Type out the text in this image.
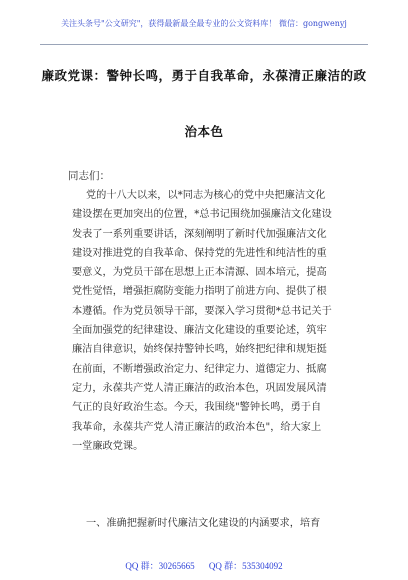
关注头条号"公文研究"，获得最新最全最专业的公文资料库！ 微信：gongwenyj
廉政党课：警钟长鸣，勇于自我革命，永葆清正廉洁的政
治本色
同志们：
党的十八大以来，以*同志为核心的党中央把廉洁文化
建设摆在更加突出的位置，*总书记围绕加强廉洁文化建设
发表了一系列重要讲话，深刻阐明了新时代加强廉洁文化
建设对推进党的自我革命、保持党的先进性和纯洁性的重
要意义，为党员干部在思想上正本清源、固本培元，提高
党性觉悟，增强拒腐防变能力指明了前进方向、提供了根
本遵循。作为党员领导干部，要深入学习贯彻*总书记关于
全面加强党的纪律建设、廉洁文化建设的重要论述，筑牢
廉洁自律意识，始终保持警钟长鸣，始终把纪律和规矩挺
在前面，不断增强政治定力、纪律定力、道德定力、抵腐
定力，永葆共产党人清正廉洁的政治本色，巩固发展风清
气正的良好政治生态。今天，我围绕"警钟长鸣，勇于自
我革命，永葆共产党人清正廉洁的政治本色"，给大家上
一堂廉政党课。
一、准确把握新时代廉洁文化建设的内涵要求，培育
QQ 群：30265665 QQ 群：535304092
